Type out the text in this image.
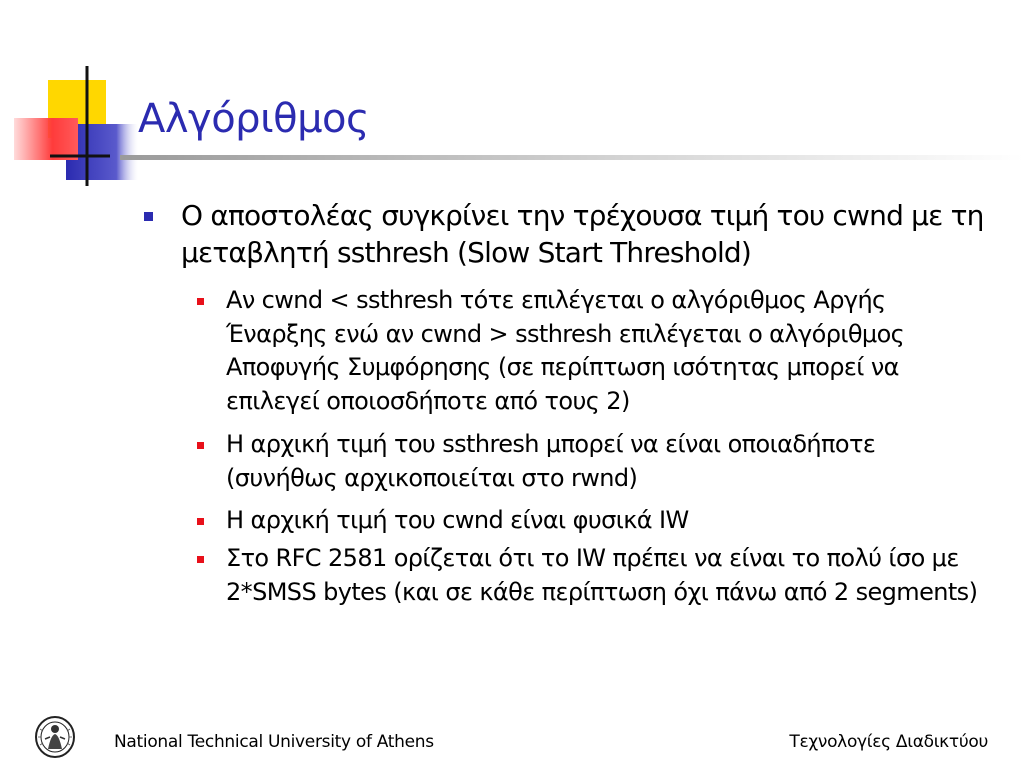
Αλγόριθμος
Ο αποστολέας συγκρίνει την τρέχουσα τιμή του cwnd με τη μεταβλητή ssthresh (Slow Start Threshold)
Αν cwnd < ssthresh τότε επιλέγεται ο αλγόριθμος Αργής Έναρξης ενώ αν cwnd > ssthresh επιλέγεται ο αλγόριθμος Αποφυγής Συμφόρησης (σε περίπτωση ισότητας μπορεί να επιλεγεί οποιοσδήποτε από τους 2)
Η αρχική τιμή του ssthresh μπορεί να είναι οποιαδήποτε (συνήθως αρχικοποιείται στο rwnd)
Η αρχική τιμή του cwnd είναι φυσικά IW
Στο RFC 2581 ορίζεται ότι το IW πρέπει να είναι το πολύ ίσο με 2*SMSS bytes (και σε κάθε περίπτωση όχι πάνω από 2 segments)
National Technical University of Athens	Τεχνολογίες Διαδικτύου
